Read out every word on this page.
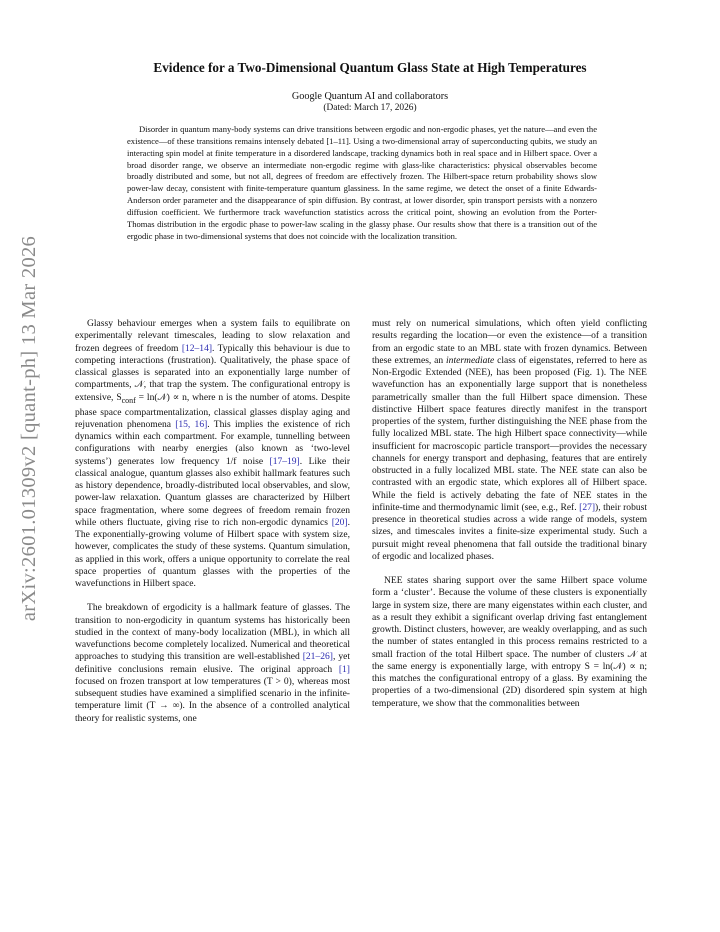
arXiv:2601.01309v2 [quant-ph] 13 Mar 2026
Evidence for a Two-Dimensional Quantum Glass State at High Temperatures
Google Quantum AI and collaborators
(Dated: March 17, 2026)

Disorder in quantum many-body systems can drive transitions between ergodic and non-ergodic phases, yet the nature—and even the existence—of these transitions remains intensely debated [1–11]. Using a two-dimensional array of superconducting qubits, we study an interacting spin model at finite temperature in a disordered landscape, tracking dynamics both in real space and in Hilbert space. Over a broad disorder range, we observe an intermediate non-ergodic regime with glass-like characteristics: physical observables become broadly distributed and some, but not all, degrees of freedom are effectively frozen. The Hilbert-space return probability shows slow power-law decay, consistent with finite-temperature quantum glassiness. In the same regime, we detect the onset of a finite Edwards-Anderson order parameter and the disappearance of spin diffusion. By contrast, at lower disorder, spin transport persists with a nonzero diffusion coefficient. We furthermore track wavefunction statistics across the critical point, showing an evolution from the Porter-Thomas distribution in the ergodic phase to power-law scaling in the glassy phase. Our results show that there is a transition out of the ergodic phase in two-dimensional systems that does not coincide with the localization transition.

Glassy behaviour emerges when a system fails to equilibrate on experimentally relevant timescales, leading to slow relaxation and frozen degrees of freedom [12–14]. Typically this behaviour is due to competing interactions (frustration). Qualitatively, the phase space of classical glasses is separated into an exponentially large number of compartments, 𝒩, that trap the system. The configurational entropy is extensive, $S_{conf}$ = ln(𝒩) ∝ n, where n is the number of atoms. Despite phase space compartmentalization, classical glasses display aging and rejuvenation phenomena [15, 16]. This implies the existence of rich dynamics within each compartment. For example, tunnelling between configurations with nearby energies (also known as ‘two-level systems’) generates low frequency 1/f noise [17–19]. Like their classical analogue, quantum glasses also exhibit hallmark features such as history dependence, broadly-distributed local observables, and slow, power-law relaxation. Quantum glasses are characterized by Hilbert space fragmentation, where some degrees of freedom remain frozen while others fluctuate, giving rise to rich non-ergodic dynamics [20]. The exponentially-growing volume of Hilbert space with system size, however, complicates the study of these systems. Quantum simulation, as applied in this work, offers a unique opportunity to correlate the real space properties of quantum glasses with the properties of the wavefunctions in Hilbert space.

The breakdown of ergodicity is a hallmark feature of glasses. The transition to non-ergodicity in quantum systems has historically been studied in the context of many-body localization (MBL), in which all wavefunctions become completely localized. Numerical and theoretical approaches to studying this transition are well-established [21–26], yet definitive conclusions remain elusive. The original approach [1] focused on frozen transport at low temperatures (T > 0), whereas most subsequent studies have examined a simplified scenario in the infinite-temperature limit (T → ∞). In the absence of a controlled analytical theory for realistic systems, one

must rely on numerical simulations, which often yield conflicting results regarding the location—or even the existence—of a transition from an ergodic state to an MBL state with frozen dynamics. Between these extremes, an intermediate class of eigenstates, referred to here as Non-Ergodic Extended (NEE), has been proposed (Fig. 1). The NEE wavefunction has an exponentially large support that is nonetheless parametrically smaller than the full Hilbert space dimension. These distinctive Hilbert space features directly manifest in the transport properties of the system, further distinguishing the NEE phase from the fully localized MBL state. The high Hilbert space connectivity—while insufficient for macroscopic particle transport—provides the necessary channels for energy transport and dephasing, features that are entirely obstructed in a fully localized MBL state. The NEE state can also be contrasted with an ergodic state, which explores all of Hilbert space. While the field is actively debating the fate of NEE states in the infinite-time and thermodynamic limit (see, e.g., Ref. [27]), their robust presence in theoretical studies across a wide range of models, system sizes, and timescales invites a finite-size experimental study. Such a pursuit might reveal phenomena that fall outside the traditional binary of ergodic and localized phases.

NEE states sharing support over the same Hilbert space volume form a ‘cluster’. Because the volume of these clusters is exponentially large in system size, there are many eigenstates within each cluster, and as a result they exhibit a significant overlap driving fast entanglement growth. Distinct clusters, however, are weakly overlapping, and as such the number of states entangled in this process remains restricted to a small fraction of the total Hilbert space. The number of clusters 𝒩 at the same energy is exponentially large, with entropy S = ln(𝒩) ∝ n; this matches the configurational entropy of a glass. By examining the properties of a two-dimensional (2D) disordered spin system at high temperature, we show that the commonalities between
